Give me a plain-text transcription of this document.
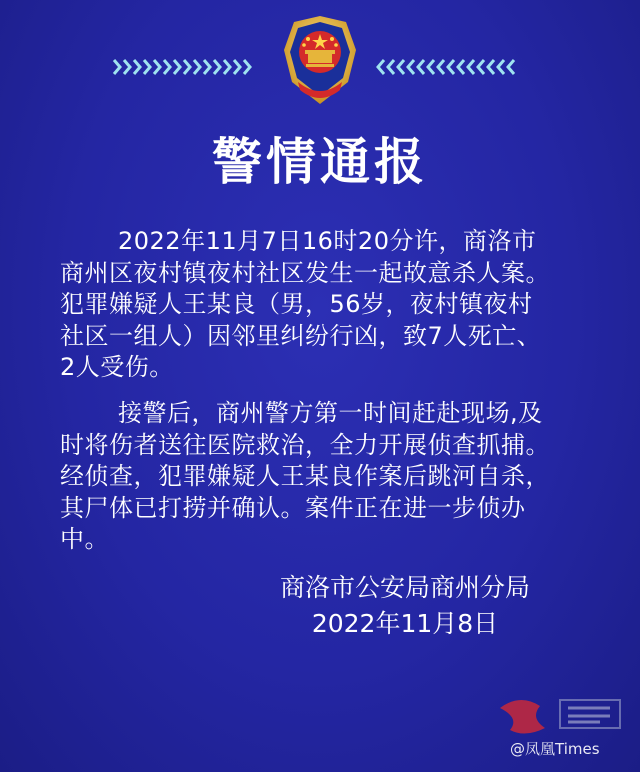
警情通报
2022年11月7日16时20分许，商洛市
商州区夜村镇夜村社区发生一起故意杀人案。
犯罪嫌疑人王某良（男，56岁，夜村镇夜村
社区一组人）因邻里纠纷行凶，致7人死亡、
2人受伤。
接警后，商州警方第一时间赶赴现场,及
时将伤者送往医院救治，全力开展侦查抓捕。
经侦查，犯罪嫌疑人王某良作案后跳河自杀，
其尸体已打捞并确认。案件正在进一步侦办
中。
商洛市公安局商州分局
2022年11月8日
@凤凰Times
